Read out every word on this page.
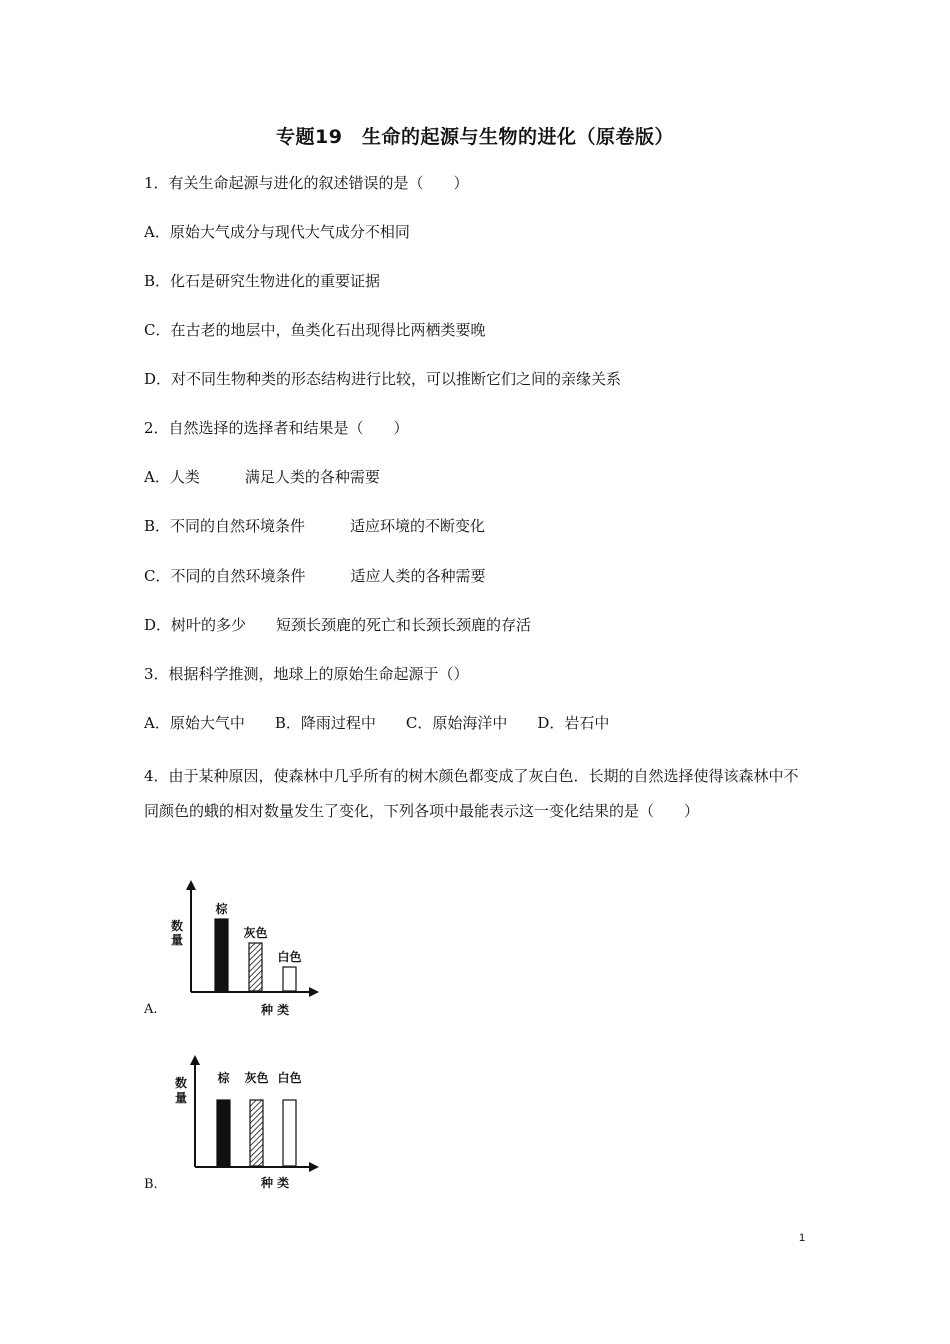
专题19　生命的起源与生物的进化（原卷版）
1．有关生命起源与进化的叙述错误的是（　　）
A．原始大气成分与现代大气成分不相同
B．化石是研究生物进化的重要证据
C．在古老的地层中，鱼类化石出现得比两栖类要晚
D．对不同生物种类的形态结构进行比较，可以推断它们之间的亲缘关系
2．自然选择的选择者和结果是（　　）
A．人类　　　满足人类的各种需要
B．不同的自然环境条件　　　适应环境的不断变化
C．不同的自然环境条件　　　适应人类的各种需要
D．树叶的多少　　短颈长颈鹿的死亡和长颈长颈鹿的存活
3．根据科学推测，地球上的原始生命起源于（）
A．原始大气中　　B．降雨过程中　　C．原始海洋中　　D．岩石中
4．由于某种原因，使森林中几乎所有的树木颜色都变成了灰白色．长期的自然选择使得该森林中不同颜色的蛾的相对数量发生了变化，下列各项中最能表示这一变化结果的是（　　）
数
量
棕
灰色
白色
种 类
A.
数
量
棕 灰色 白色
种 类
B.
1
